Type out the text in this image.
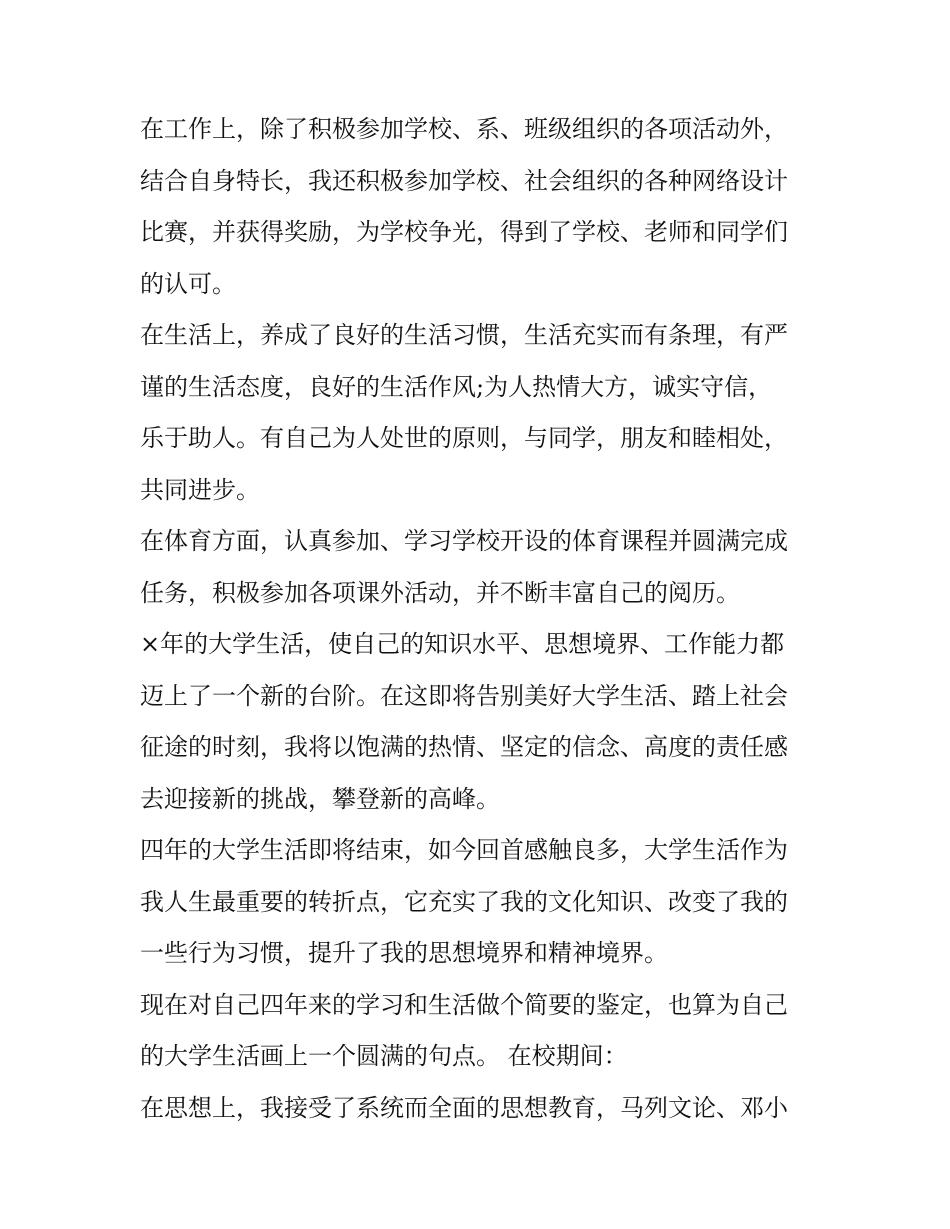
在工作上，除了积极参加学校、系、班级组织的各项活动外，
结合自身特长，我还积极参加学校、社会组织的各种网络设计
比赛，并获得奖励，为学校争光，得到了学校、老师和同学们
的认可。
在生活上，养成了良好的生活习惯，生活充实而有条理，有严
谨的生活态度，良好的生活作风;为人热情大方，诚实守信，
乐于助人。有自己为人处世的原则，与同学，朋友和睦相处，
共同进步。
在体育方面，认真参加、学习学校开设的体育课程并圆满完成
任务，积极参加各项课外活动，并不断丰富自己的阅历。
×年的大学生活，使自己的知识水平、思想境界、工作能力都
迈上了一个新的台阶。在这即将告别美好大学生活、踏上社会
征途的时刻，我将以饱满的热情、坚定的信念、高度的责任感
去迎接新的挑战，攀登新的高峰。
四年的大学生活即将结束，如今回首感触良多，大学生活作为
我人生最重要的转折点，它充实了我的文化知识、改变了我的
一些行为习惯，提升了我的思想境界和精神境界。
现在对自己四年来的学习和生活做个简要的鉴定，也算为自己
的大学生活画上一个圆满的句点。 在校期间：
在思想上，我接受了系统而全面的思想教育，马列文论、邓小
